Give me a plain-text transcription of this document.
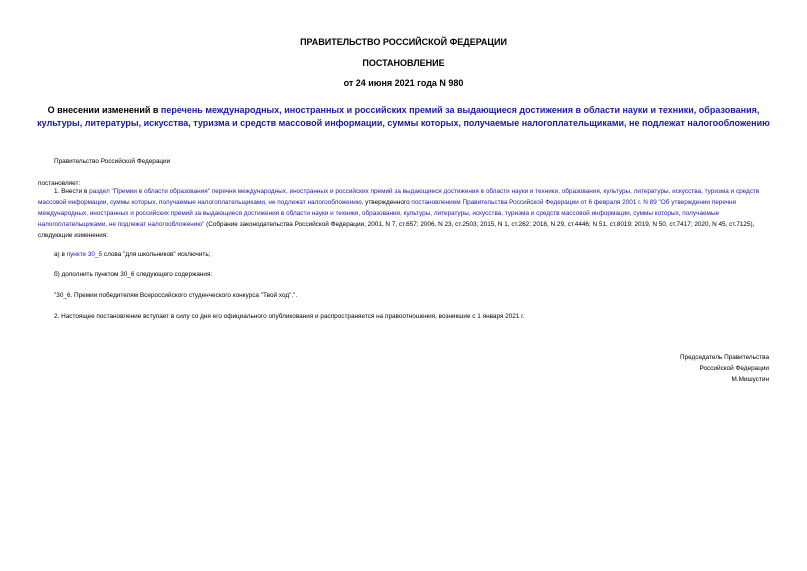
ПРАВИТЕЛЬСТВО РОССИЙСКОЙ ФЕДЕРАЦИИ
ПОСТАНОВЛЕНИЕ
от 24 июня 2021 года N 980
О внесении изменений в перечень международных, иностранных и российских премий за выдающиеся достижения в области науки и техники, образования, культуры, литературы, искусства, туризма и средств массовой информации, суммы которых, получаемые налогоплательщиками, не подлежат налогообложению
Правительство Российской Федерации
постановляет:
1. Внести в раздел "Премии в области образования" перечня международных, иностранных и российских премий за выдающиеся достижения в области науки и техники, образования, культуры, литературы, искусства, туризма и средств массовой информации, суммы которых, получаемые налогоплательщиками, не подлежат налогообложению, утвержденного постановлением Правительства Российской Федерации от 6 февраля 2001 г. N 89 "Об утверждении перечня международных, иностранных и российских премий за выдающиеся достижения в области науки и техники, образования, культуры, литературы, искусства, туризма и средств массовой информации, суммы которых, получаемые налогоплательщиками, не подлежат налогообложению" (Собрание законодательства Российской Федерации, 2001, N 7, ст.657; 2006, N 23, ст.2503; 2015, N 1, ст.262; 2018, N 29, ст.4446; N 51, ст.8019; 2019, N 50, ст.7417; 2020, N 45, ст.7125), следующие изменения:
а) в пункте 30_5 слова "для школьников" исключить;
б) дополнить пунктом 30_6 следующего содержания:
"30_6. Премии победителям Всероссийского студенческого конкурса "Твой ход".".
2. Настоящее постановление вступает в силу со дня его официального опубликования и распространяется на правоотношения, возникшие с 1 января 2021 г.
Председатель Правительства
Российской Федерации
М.Мишустин
